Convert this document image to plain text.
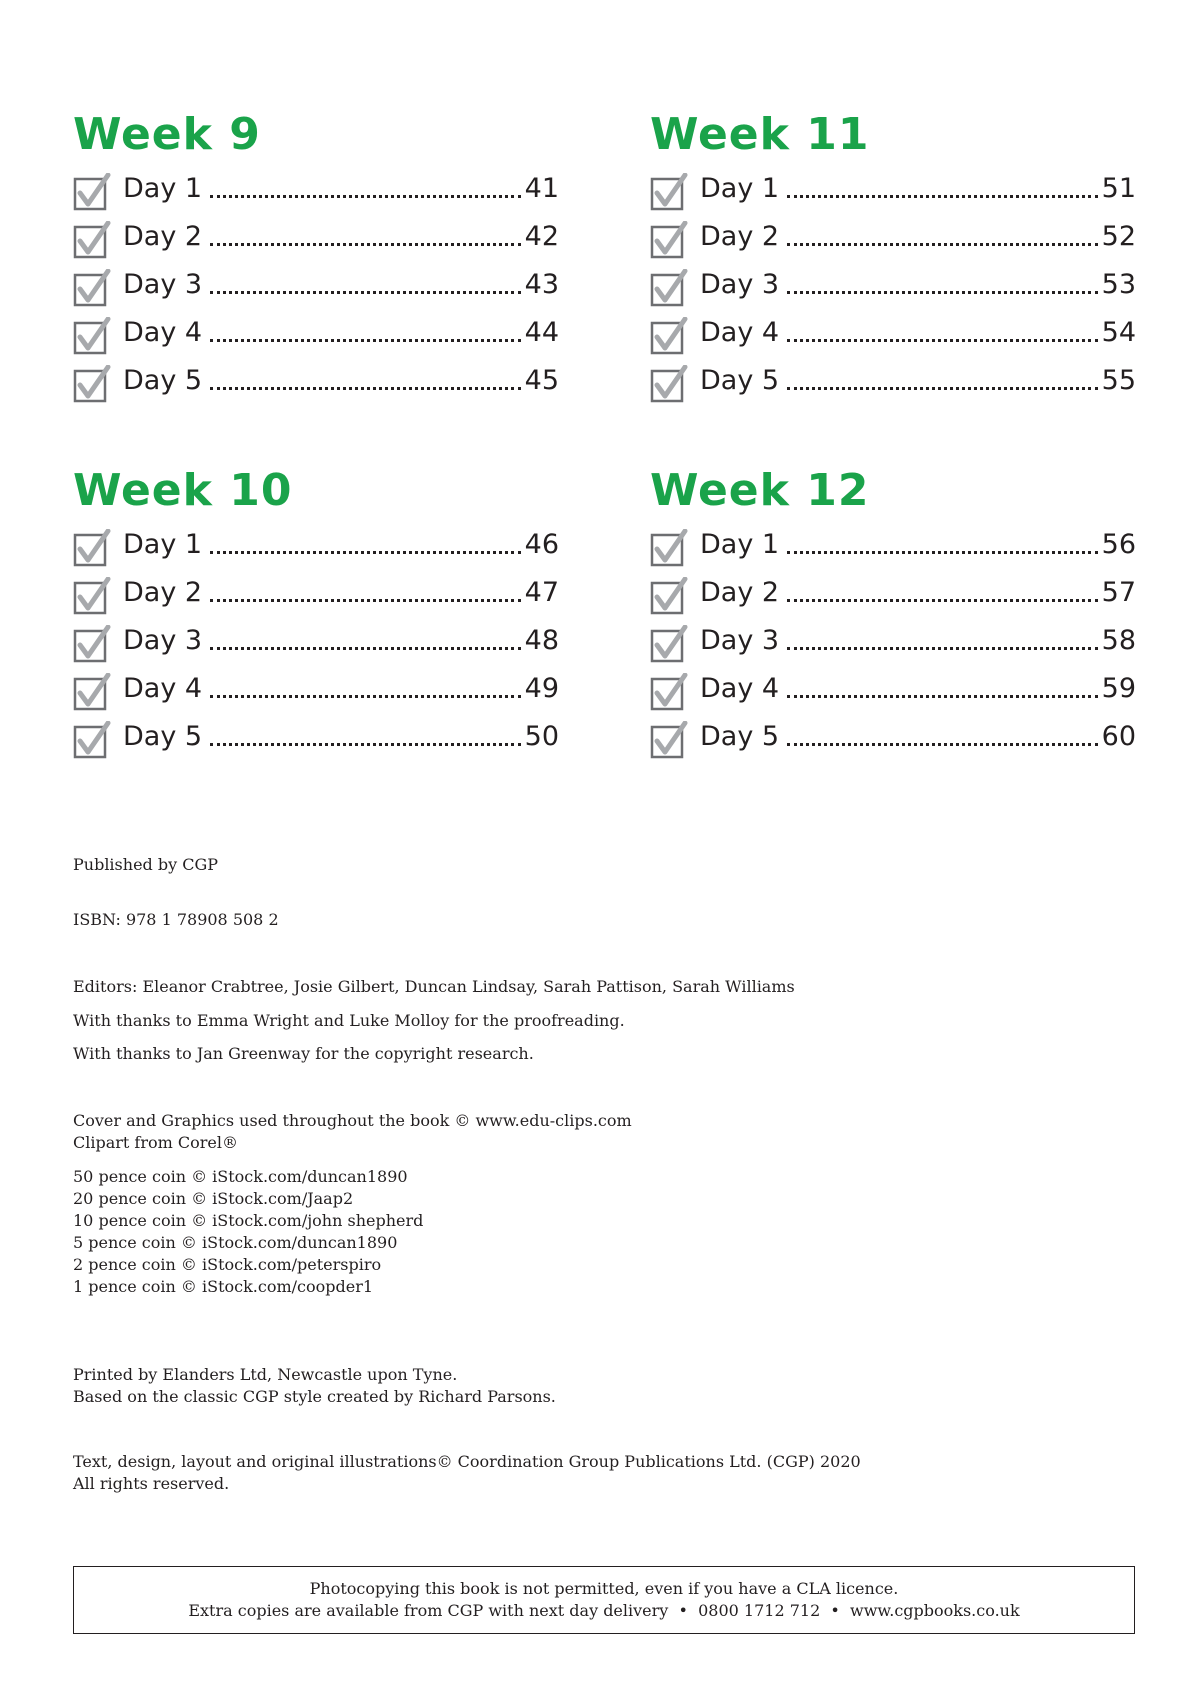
Week 9
Day 1	41
Day 2	42
Day 3	43
Day 4	44
Day 5	45
Week 11
Day 1	51
Day 2	52
Day 3	53
Day 4	54
Day 5	55
Week 10
Day 1	46
Day 2	47
Day 3	48
Day 4	49
Day 5	50
Week 12
Day 1	56
Day 2	57
Day 3	58
Day 4	59
Day 5	60

Published by CGP

ISBN: 978 1 78908 508 2

Editors: Eleanor Crabtree, Josie Gilbert, Duncan Lindsay, Sarah Pattison, Sarah Williams

With thanks to Emma Wright and Luke Molloy for the proofreading.

With thanks to Jan Greenway for the copyright research.

Cover and Graphics used throughout the book © www.edu-clips.com
Clipart from Corel®
50 pence coin © iStock.com/duncan1890
20 pence coin © iStock.com/Jaap2
10 pence coin © iStock.com/john shepherd
5 pence coin © iStock.com/duncan1890
2 pence coin © iStock.com/peterspiro
1 pence coin © iStock.com/coopder1
Printed by Elanders Ltd, Newcastle upon Tyne.
Based on the classic CGP style created by Richard Parsons.
Text, design, layout and original illustrations© Coordination Group Publications Ltd. (CGP) 2020
All rights reserved.
Photocopying this book is not permitted, even if you have a CLA licence.
Extra copies are available from CGP with next day delivery  •  0800 1712 712  •  www.cgpbooks.co.uk
